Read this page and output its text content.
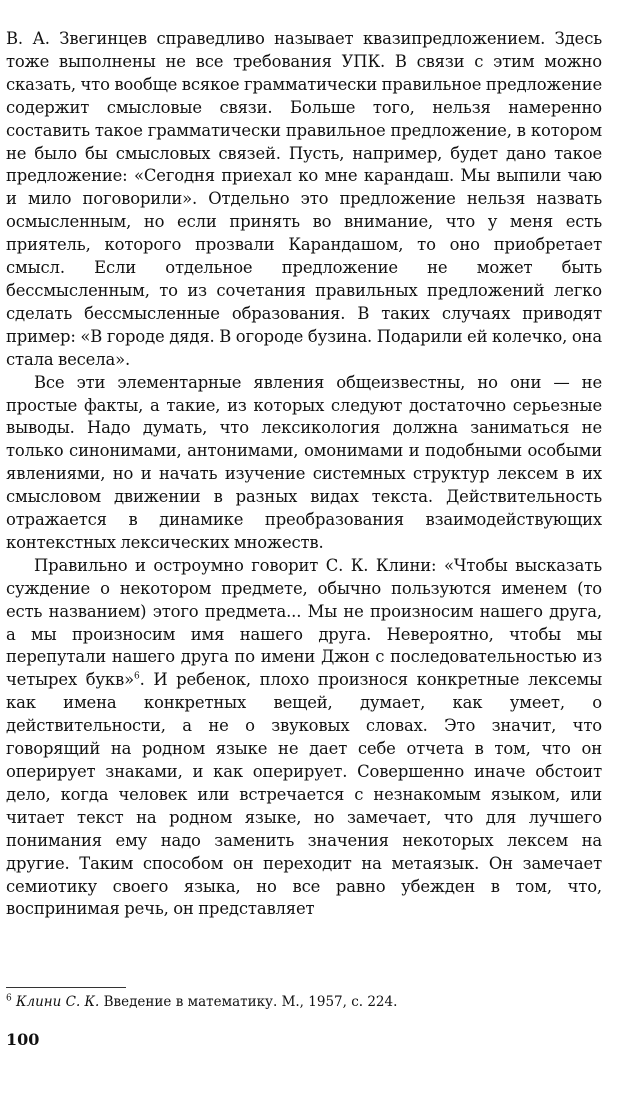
В. А. Звегинцев справедливо называет квазипредложением. Здесь тоже выполнены не все требования УПК. В связи с этим можно сказать, что вообще всякое грамматически правильное предложение содержит смысловые связи. Больше того, нельзя намеренно составить такое грамматически правильное предложение, в котором не было бы смысловых связей. Пусть, например, будет дано такое предложение: «Сегодня приехал ко мне карандаш. Мы выпили чаю и мило поговорили». Отдельно это предложение нельзя назвать осмысленным, но если принять во внимание, что у меня есть приятель, которого прозвали Карандашом, то оно приобретает смысл. Если отдельное предложение не может быть бессмысленным, то из сочетания правильных предложений легко сделать бессмысленные образования. В таких случаях приводят пример: «В городе дядя. В огороде бузина. Подарили ей колечко, она стала весела».

Все эти элементарные явления общеизвестны, но они — не простые факты, а такие, из которых следуют достаточно серьезные выводы. Надо думать, что лексикология должна заниматься не только синонимами, антонимами, омонимами и подобными особыми явлениями, но и начать изучение системных структур лексем в их смысловом движении в разных видах текста. Действительность отражается в динамике преобразования взаимодействующих контекстных лексических множеств.

Правильно и остроумно говорит С. К. Клини: «Чтобы высказать суждение о некотором предмете, обычно пользуются именем (то есть названием) этого предмета... Мы не произносим нашего друга, а мы произносим имя нашего друга. Невероятно, чтобы мы перепутали нашего друга по имени Джон с последовательностью из четырех букв»$^6$. И ребенок, плохо произнося конкретные лексемы как имена конкретных вещей, думает, как умеет, о действительности, а не о звуковых словах. Это значит, что говорящий на родном языке не дает себе отчета в том, что он оперирует знаками, и как оперирует. Совершенно иначе обстоит дело, когда человек или встречается с незнакомым языком, или читает текст на родном языке, но замечает, что для лучшего понимания ему надо заменить значения некоторых лексем на другие. Таким способом он переходит на метаязык. Он замечает семиотику своего языка, но все равно убежден в том, что, воспринимая речь, он представляет

$^6$ Клини С. К. Введение в математику. М., 1957, с. 224.
100
